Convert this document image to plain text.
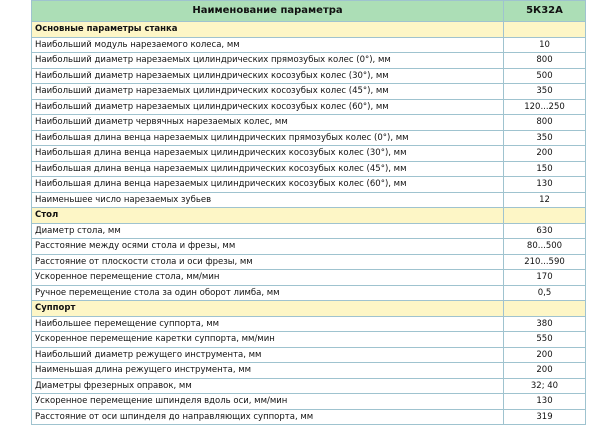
Наименование параметра	5К32А
Основные параметры станка	
Наибольший модуль нарезаемого колеса, мм	10
Наибольший диаметр нарезаемых цилиндрических прямозубых колес (0°), мм	800
Наибольший диаметр нарезаемых цилиндрических косозубых колес (30°), мм	500
Наибольший диаметр нарезаемых цилиндрических косозубых колес (45°), мм	350
Наибольший диаметр нарезаемых цилиндрических косозубых колес (60°), мм	120...250
Наибольший диаметр червячных нарезаемых колес, мм	800
Наибольшая длина венца нарезаемых цилиндрических прямозубых колес (0°), мм	350
Наибольшая длина венца нарезаемых цилиндрических косозубых колес (30°), мм	200
Наибольшая длина венца нарезаемых цилиндрических косозубых колес (45°), мм	150
Наибольшая длина венца нарезаемых цилиндрических косозубых колес (60°), мм	130
Наименьшее число нарезаемых зубьев	12
Стол	
Диаметр стола, мм	630
Расстояние между осями стола и фрезы, мм	80...500
Расстояние от плоскости стола и оси фрезы, мм	210...590
Ускоренное перемещение стола, мм/мин	170
Ручное перемещение стола за один оборот лимба, мм	0,5
Суппорт	
Наибольшее перемещение суппорта, мм	380
Ускоренное перемещение каретки суппорта, мм/мин	550
Наибольший диаметр режущего инструмента, мм	200
Наименьшая длина режущего инструмента, мм	200
Диаметры фрезерных оправок, мм	32; 40
Ускоренное перемещение шпинделя вдоль оси, мм/мин	130
Расстояние от оси шпинделя до направляющих суппорта, мм	319
